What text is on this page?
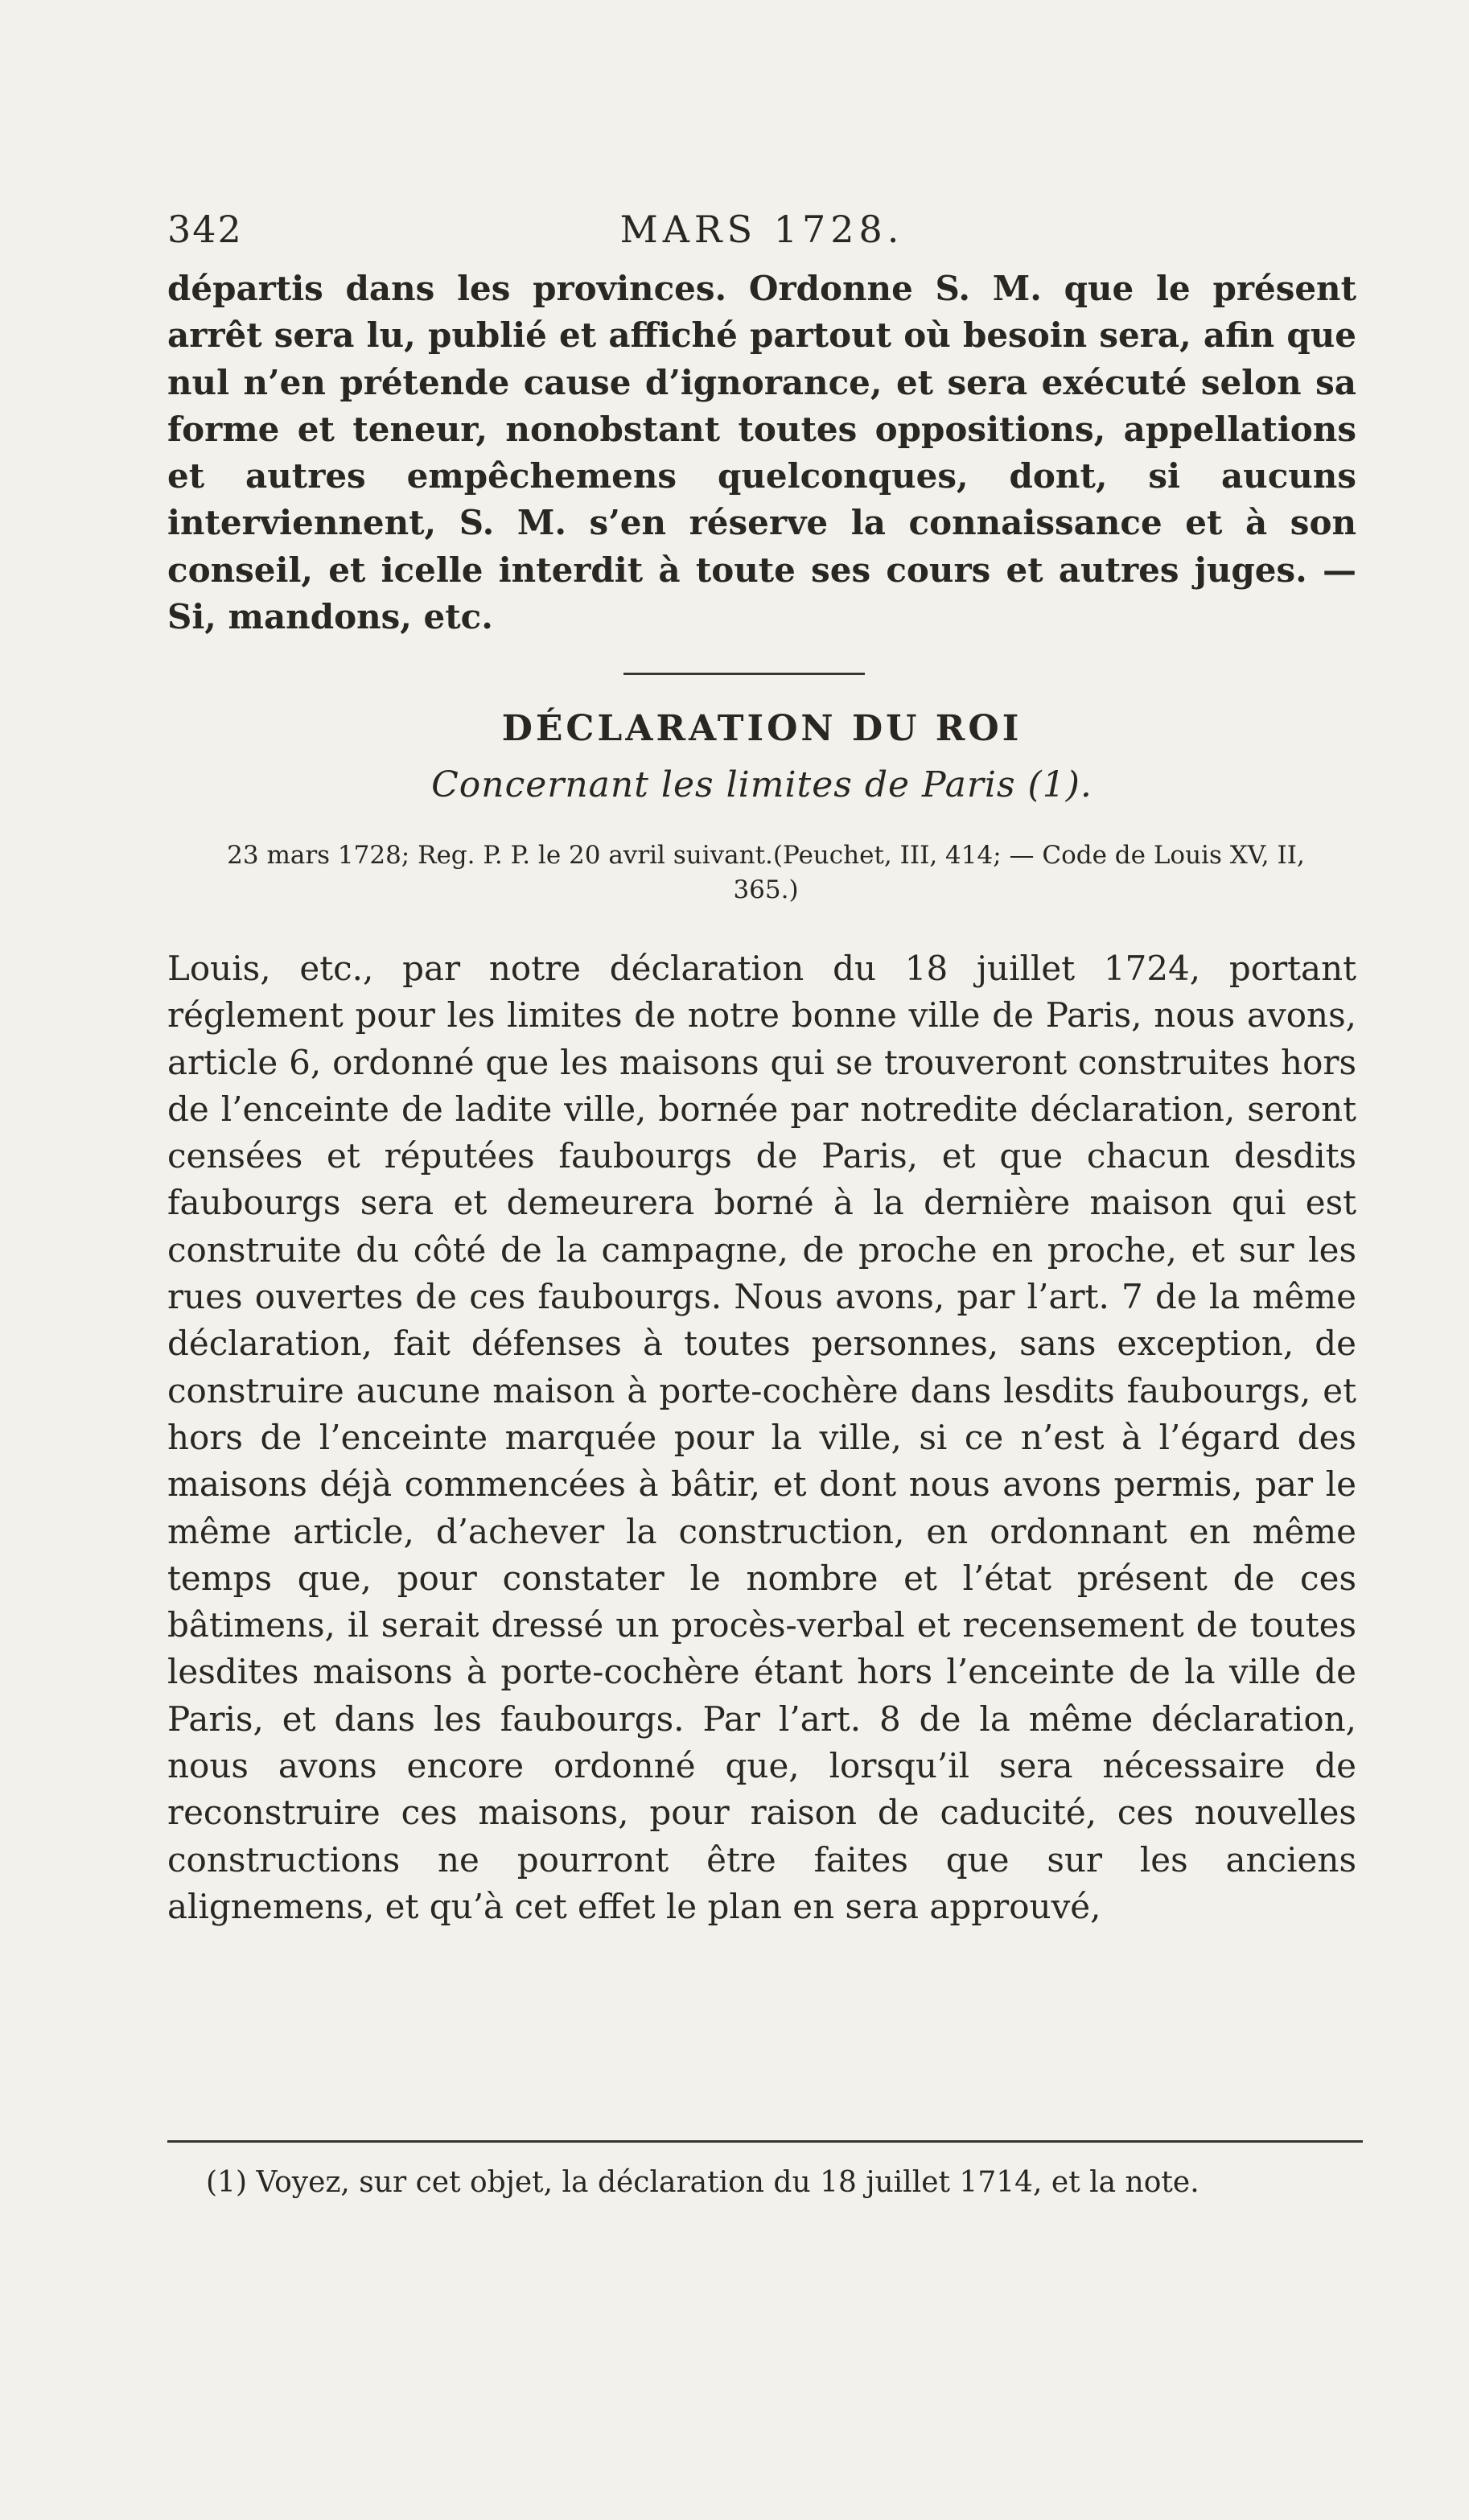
342	MARS 1728.

départis dans les provinces. Ordonne S. M. que le présent arrêt sera lu, publié et affiché partout où besoin sera, afin que nul n’en prétende cause d’ignorance, et sera exécuté selon sa forme et teneur, nonobstant toutes oppositions, appellations et autres empêchemens quelconques, dont, si aucuns interviennent, S. M. s’en réserve la connaissance et à son conseil, et icelle interdit à toute ses cours et autres juges. — Si, mandons, etc.

DÉCLARATION DU ROI
Concernant les limites de Paris (1).
23 mars 1728; Reg. P. P. le 20 avril suivant.(Peuchet, III, 414; — Code de Louis XV, II, 365.)

Louis, etc., par notre déclaration du 18 juillet 1724, portant réglement pour les limites de notre bonne ville de Paris, nous avons, article 6, ordonné que les maisons qui se trouveront construites hors de l’enceinte de ladite ville, bornée par notredite déclaration, seront censées et réputées faubourgs de Paris, et que chacun desdits faubourgs sera et demeurera borné à la dernière maison qui est construite du côté de la campagne, de proche en proche, et sur les rues ouvertes de ces faubourgs. Nous avons, par l’art. 7 de la même déclaration, fait défenses à toutes personnes, sans exception, de construire aucune maison à porte-cochère dans lesdits faubourgs, et hors de l’enceinte marquée pour la ville, si ce n’est à l’égard des maisons déjà commencées à bâtir, et dont nous avons permis, par le même article, d’achever la construction, en ordonnant en même temps que, pour constater le nombre et l’état présent de ces bâtimens, il serait dressé un procès-verbal et recensement de toutes lesdites maisons à porte-cochère étant hors l’enceinte de la ville de Paris, et dans les faubourgs. Par l’art. 8 de la même déclaration, nous avons encore ordonné que, lorsqu’il sera nécessaire de reconstruire ces maisons, pour raison de caducité, ces nouvelles constructions ne pourront être faites que sur les anciens alignemens, et qu’à cet effet le plan en sera approuvé,

(1) Voyez, sur cet objet, la déclaration du 18 juillet 1714, et la note.
